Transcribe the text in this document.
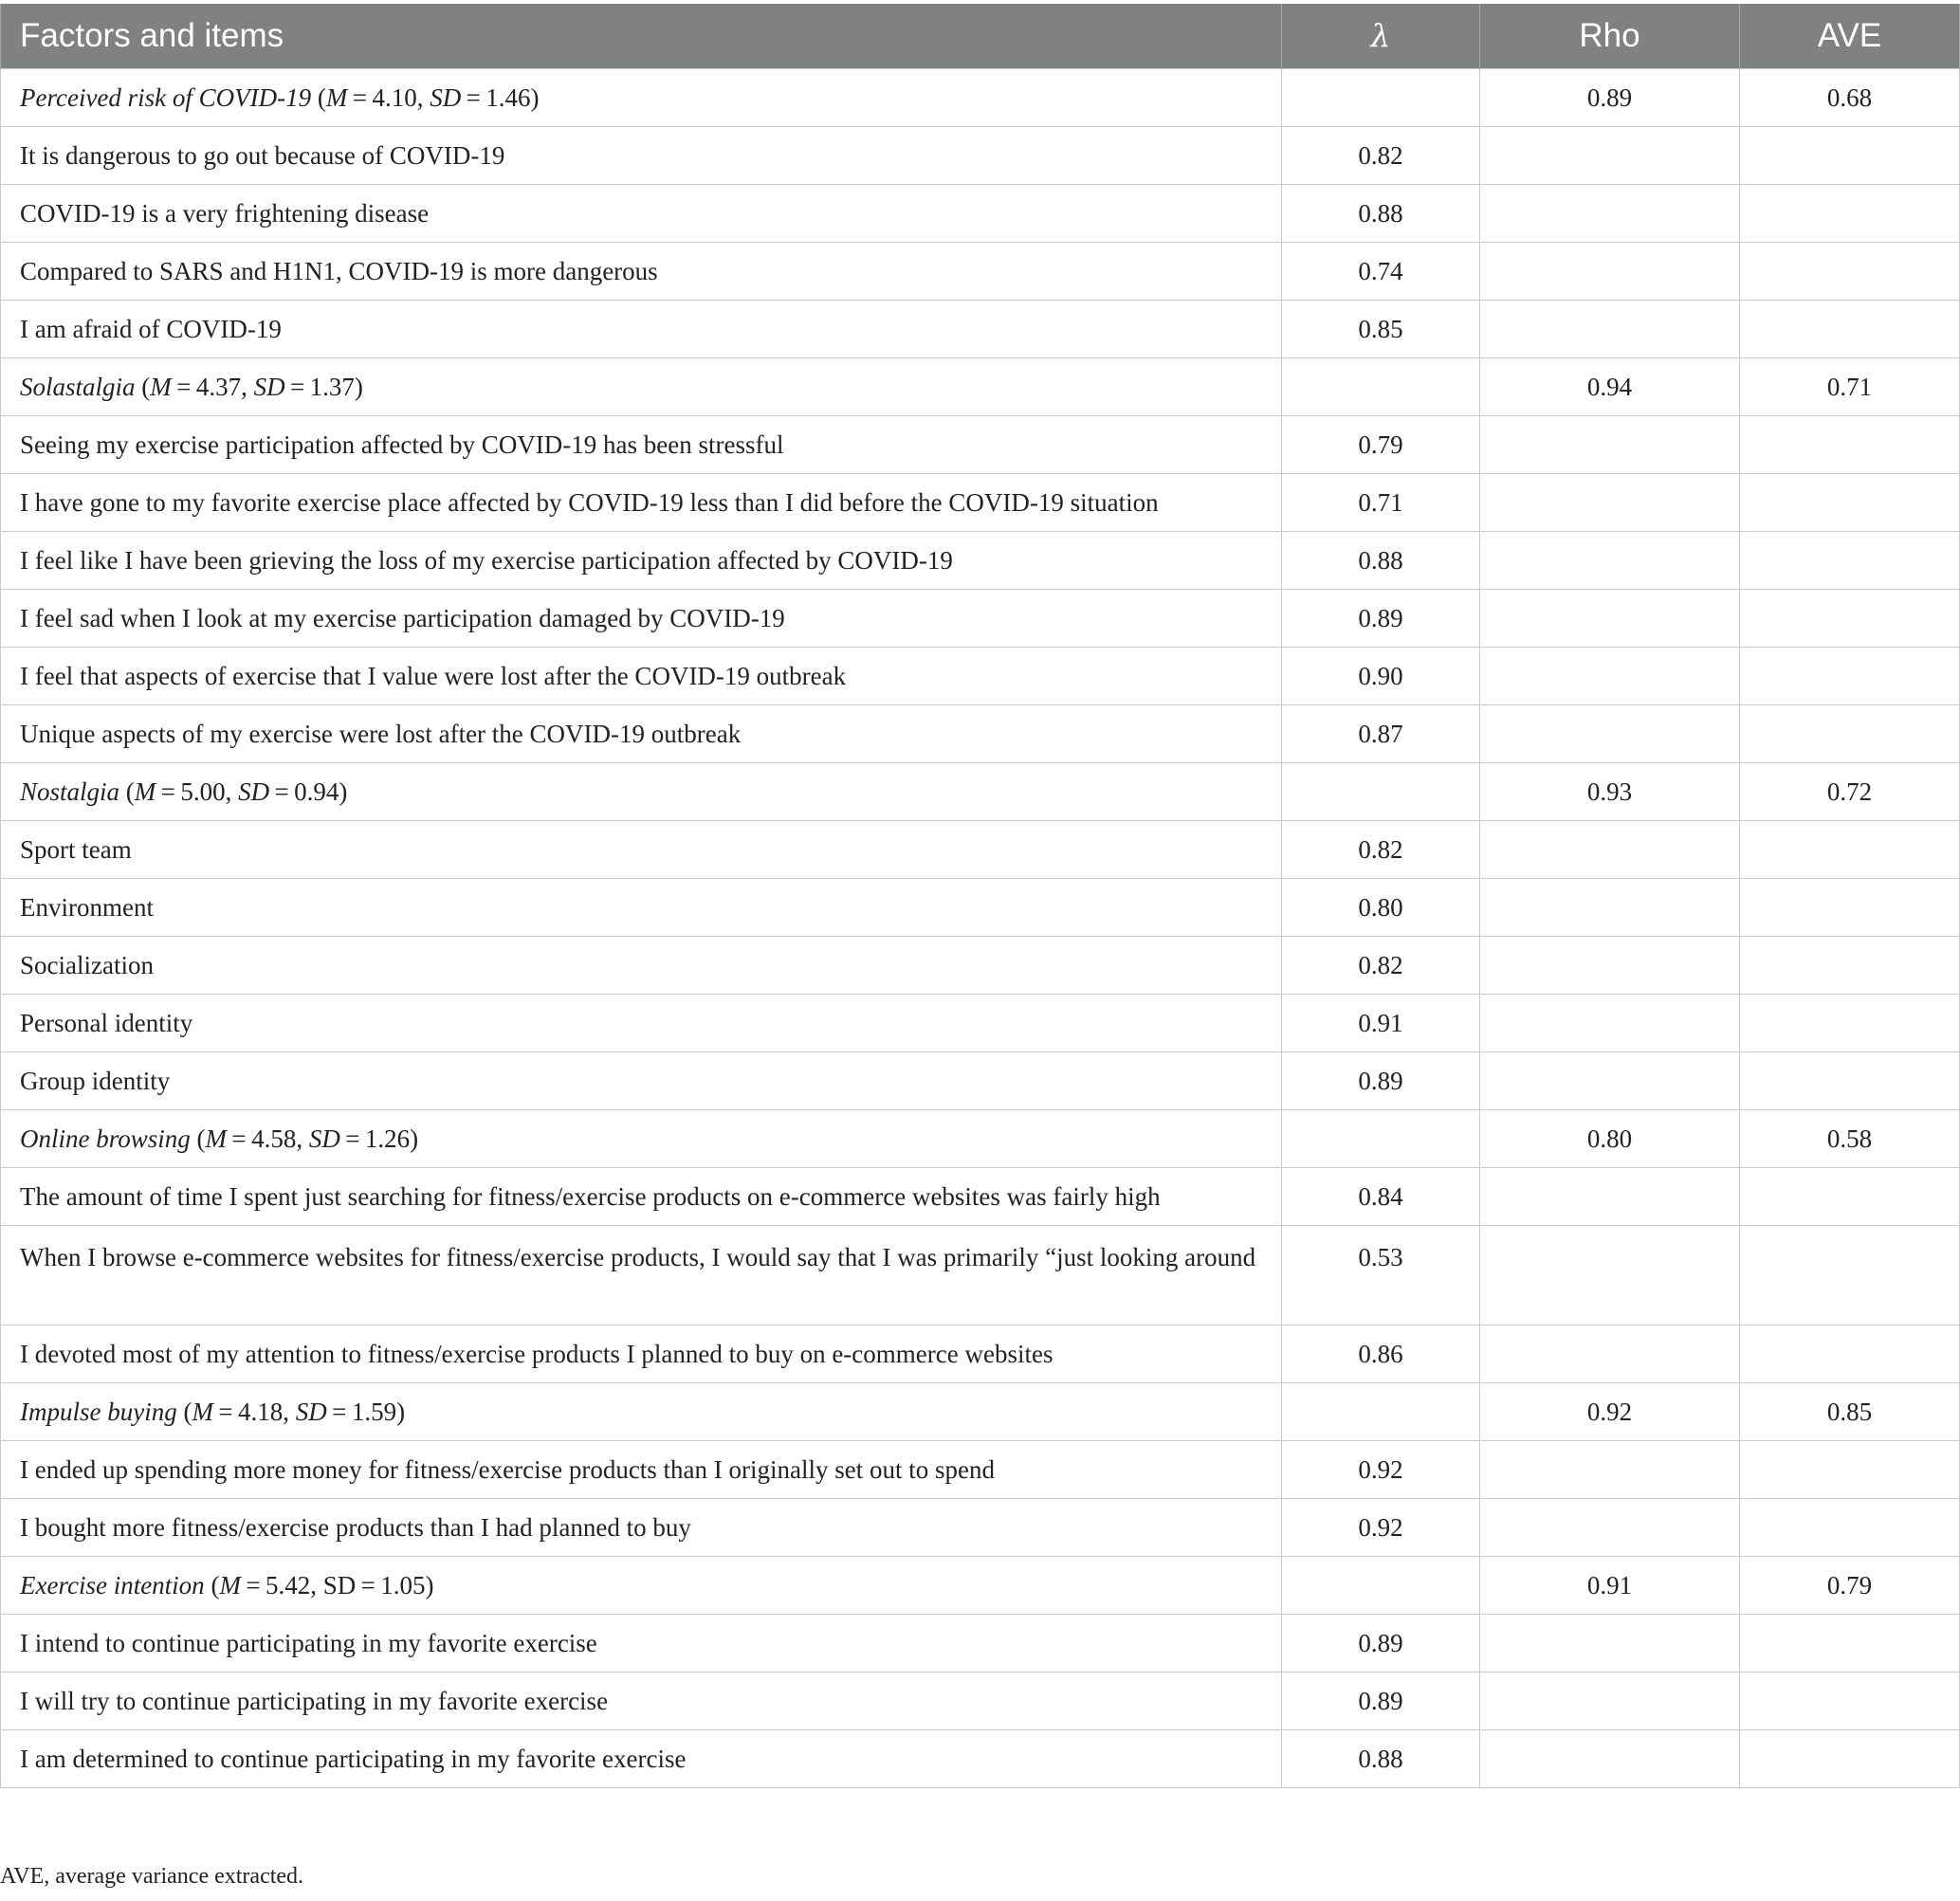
Factors and items	λ	Rho	AVE
Perceived risk of COVID-19 (M = 4.10, SD = 1.46)		0.89	0.68
It is dangerous to go out because of COVID-19	0.82		
COVID-19 is a very frightening disease	0.88		
Compared to SARS and H1N1, COVID-19 is more dangerous	0.74		
I am afraid of COVID-19	0.85		
Solastalgia (M = 4.37, SD = 1.37)		0.94	0.71
Seeing my exercise participation affected by COVID-19 has been stressful	0.79		
I have gone to my favorite exercise place affected by COVID-19 less than I did before the COVID-19 situation	0.71		
I feel like I have been grieving the loss of my exercise participation affected by COVID-19	0.88		
I feel sad when I look at my exercise participation damaged by COVID-19	0.89		
I feel that aspects of exercise that I value were lost after the COVID-19 outbreak	0.90		
Unique aspects of my exercise were lost after the COVID-19 outbreak	0.87		
Nostalgia (M = 5.00, SD = 0.94)		0.93	0.72
Sport team	0.82		
Environment	0.80		
Socialization	0.82		
Personal identity	0.91		
Group identity	0.89		
Online browsing (M = 4.58, SD = 1.26)		0.80	0.58
The amount of time I spent just searching for fitness/exercise products on e-commerce websites was fairly high	0.84		
When I browse e-commerce websites for fitness/exercise products, I would say that I was primarily “just looking around	0.53		
I devoted most of my attention to fitness/exercise products I planned to buy on e-commerce websites	0.86		
Impulse buying (M = 4.18, SD = 1.59)		0.92	0.85
I ended up spending more money for fitness/exercise products than I originally set out to spend	0.92		
I bought more fitness/exercise products than I had planned to buy	0.92		
Exercise intention (M = 5.42, SD = 1.05)		0.91	0.79
I intend to continue participating in my favorite exercise	0.89		
I will try to continue participating in my favorite exercise	0.89		
I am determined to continue participating in my favorite exercise	0.88		
AVE, average variance extracted.
